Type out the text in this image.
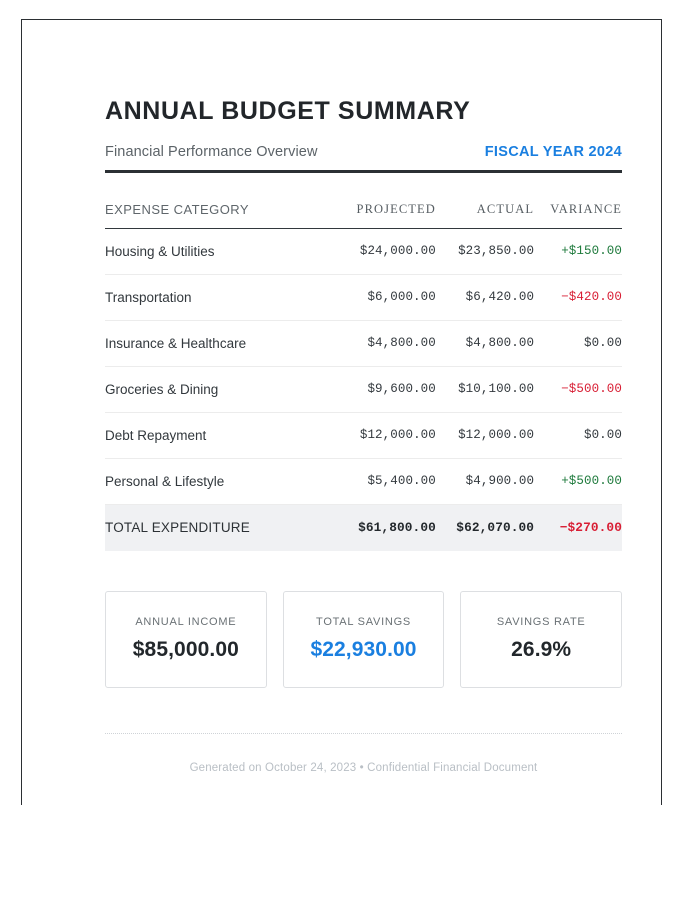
ANNUAL BUDGET SUMMARY
Financial Performance Overview	FISCAL YEAR 2024
EXPENSE CATEGORY	PROJECTED	ACTUAL	VARIANCE
Housing & Utilities	$24,000.00	$23,850.00	+$150.00
Transportation	$6,000.00	$6,420.00	−$420.00
Insurance & Healthcare	$4,800.00	$4,800.00	$0.00
Groceries & Dining	$9,600.00	$10,100.00	−$500.00
Debt Repayment	$12,000.00	$12,000.00	$0.00
Personal & Lifestyle	$5,400.00	$4,900.00	+$500.00
TOTAL EXPENDITURE	$61,800.00	$62,070.00	−$270.00
ANNUAL INCOME
$85,000.00
TOTAL SAVINGS
$22,930.00
SAVINGS RATE
26.9%
Generated on October 24, 2023 • Confidential Financial Document
